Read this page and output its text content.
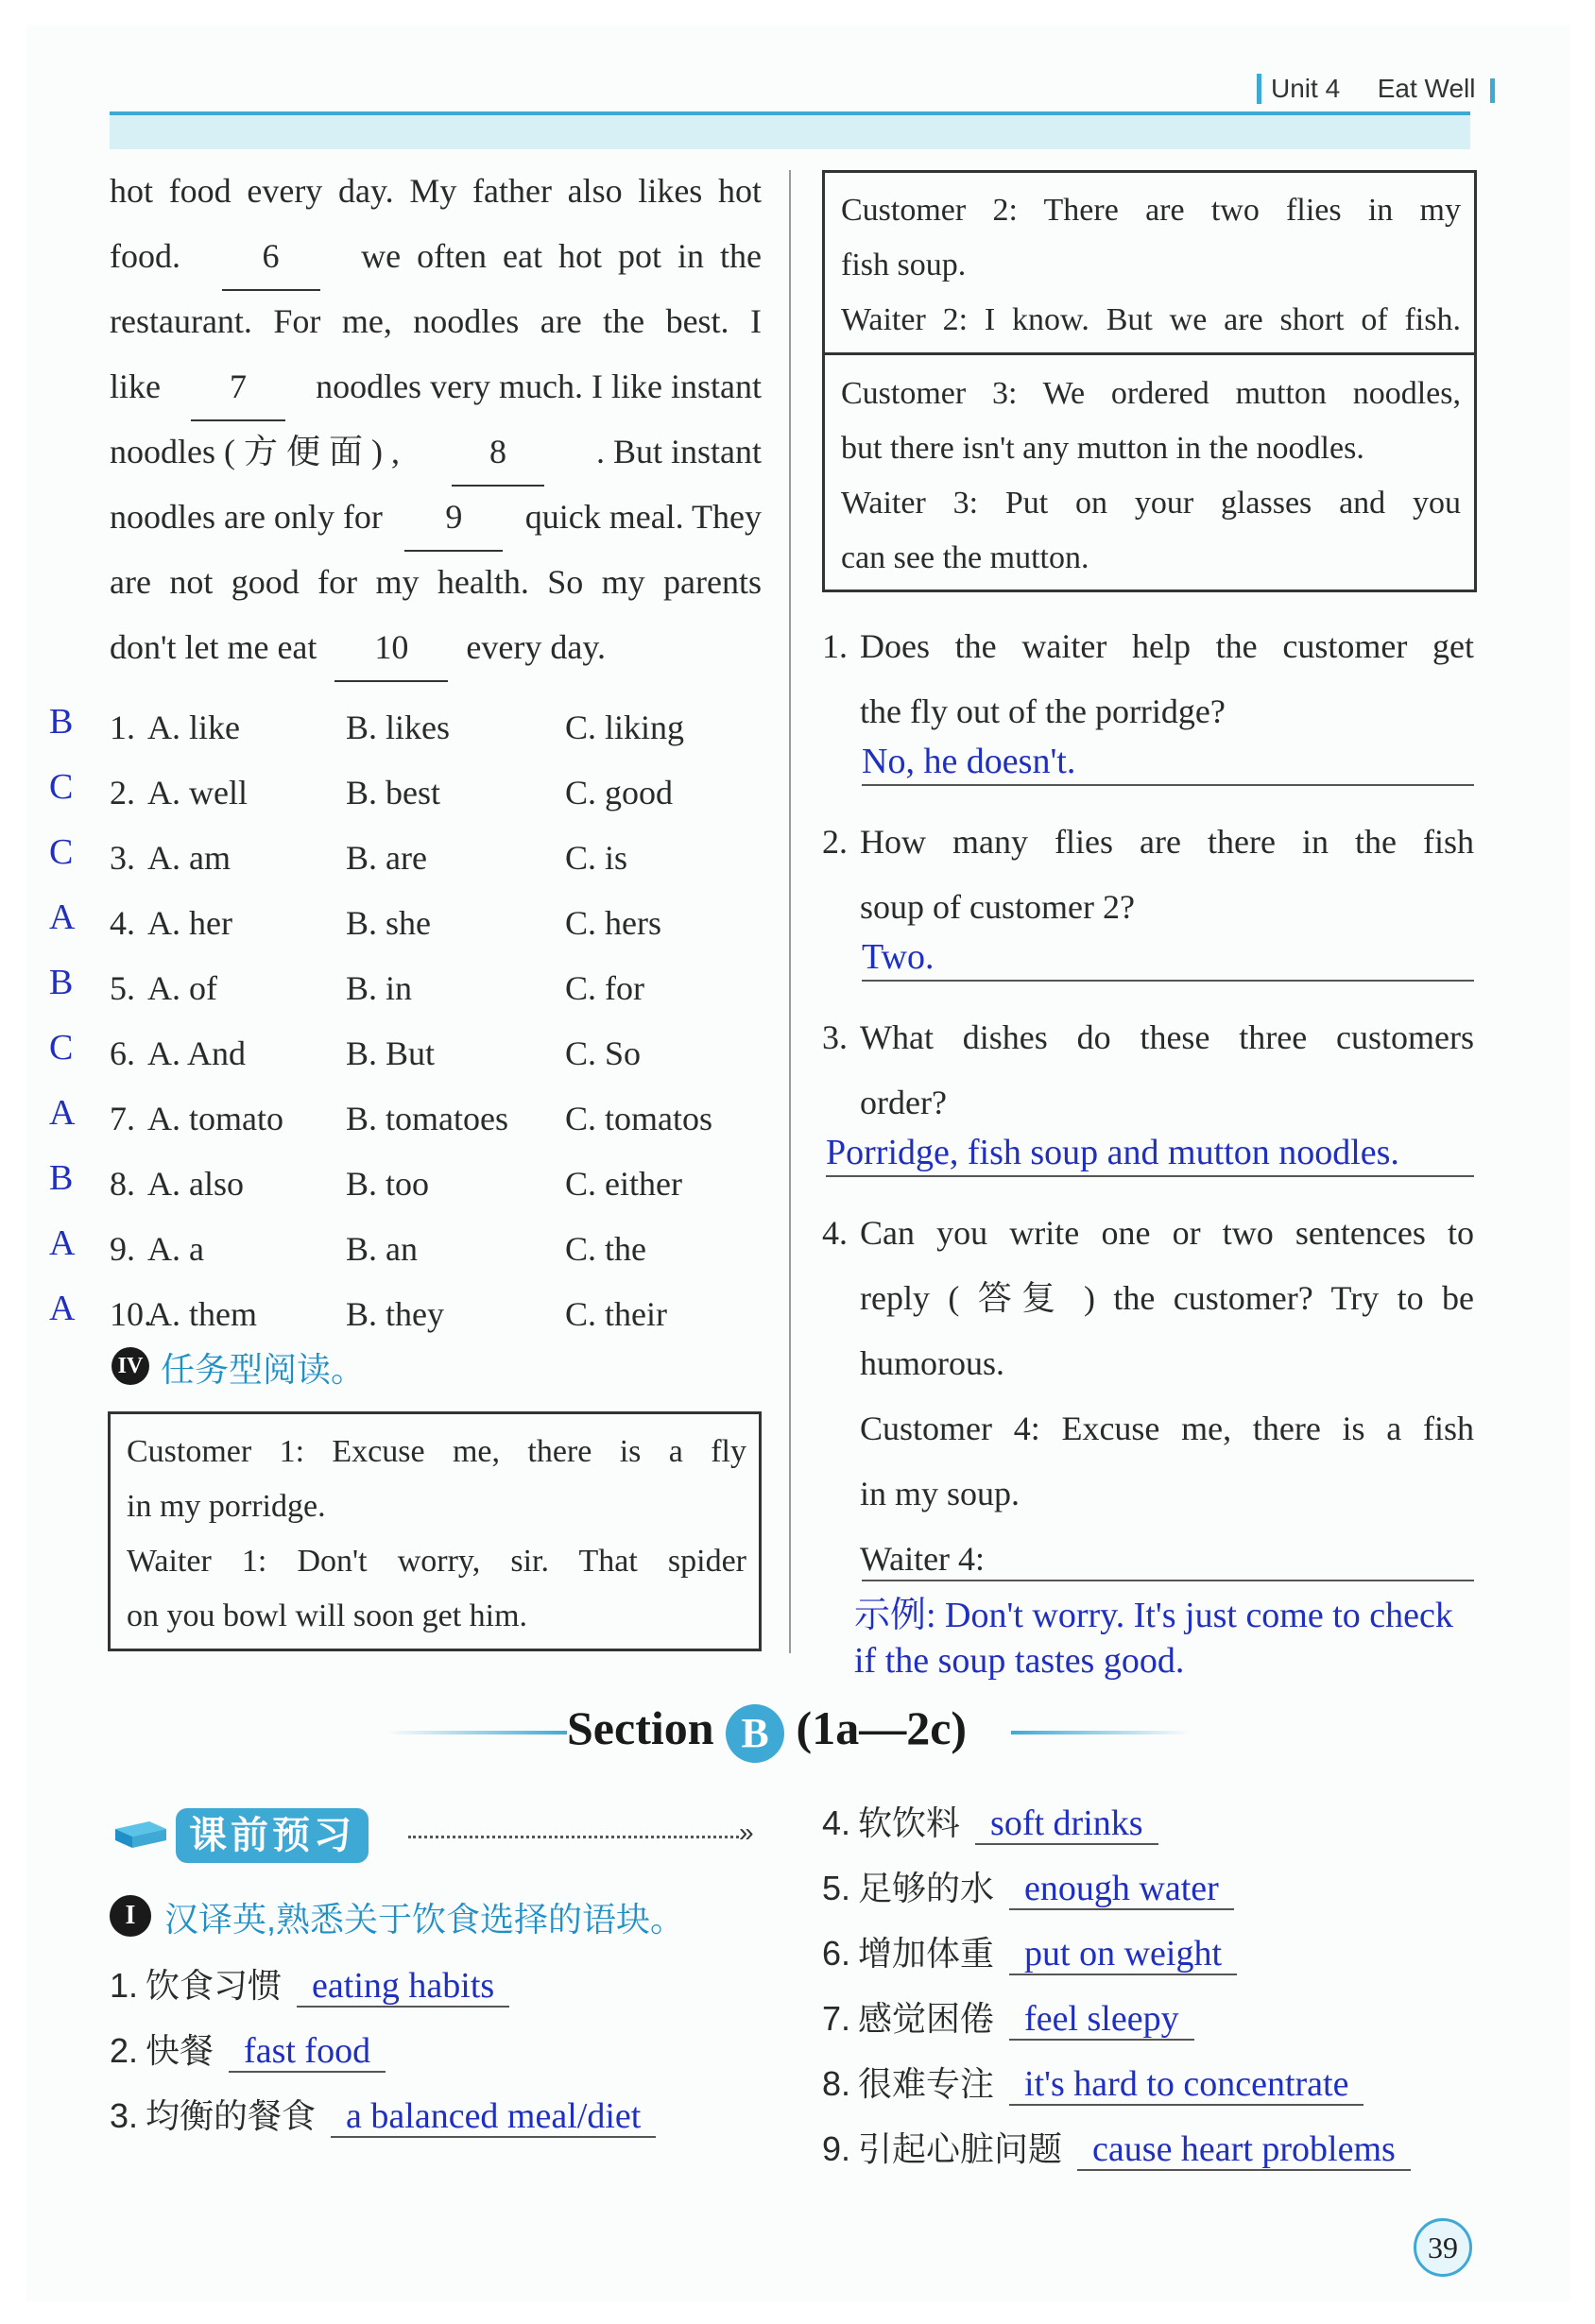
Unit 4 Eat Well
hot food every day. My father also likes hot
food.	6	we often eat hot pot in the
restaurant. For me, noodles are the best. I
like	7	noodles very much. I like instant
noodles ( 方 便 面 ) ,	8	. But instant
noodles are only for	9	quick meal. They
are not good for my health. So my parents
don't let me eat 10 every day.
B 1. A. like	B. likes	C. liking
C 2. A. well	B. best	C. good
C 3. A. am	B. are	C. is
A 4. A. her	B. she	C. hers
B 5. A. of	B. in	C. for
C 6. A. And	B. But	C. So
A 7. A. tomato B. tomatoes C. tomatos
B 8. A. also	B. too	C. either
A 9. A. a	B. an	C. the
A 10.A. them	B. they	C. their
IV 任务型阅读。
Customer 1: Excuse me, there is a fly
in my porridge.
Waiter 1: Don't worry, sir. That spider
on you bowl will soon get him.
Customer 2: There are two flies in my
fish soup.
Waiter 2: I know. But we are short of fish.
Customer 3: We ordered mutton noodles,
but there isn't any mutton in the noodles.
Waiter 3: Put on your glasses and you
can see the mutton.
1. Does the waiter help the customer get
the fly out of the porridge?
No, he doesn't.
2. How many flies are there in the fish
soup of customer 2?
Two.
3. What dishes do these three customers
order?
Porridge, fish soup and mutton noodles.
4. Can you write one or two sentences to
reply ( 答复 ) the customer? Try to be
humorous.
Customer 4: Excuse me, there is a fish
in my soup.
Waiter 4:
示例: Don't worry. It's just come to check
if the soup tastes good.
Section B (1a—2c)
课前预习	»
I 汉译英,熟悉关于饮食选择的语块。
1. 饮食习惯 eating habits
2. 快餐 fast food
3. 均衡的餐食 a balanced meal/diet
4. 软饮料 soft drinks
5. 足够的水 enough water
6. 增加体重 put on weight
7. 感觉困倦 feel sleepy
8. 很难专注 it's hard to concentrate
9. 引起心脏问题 cause heart problems
39
